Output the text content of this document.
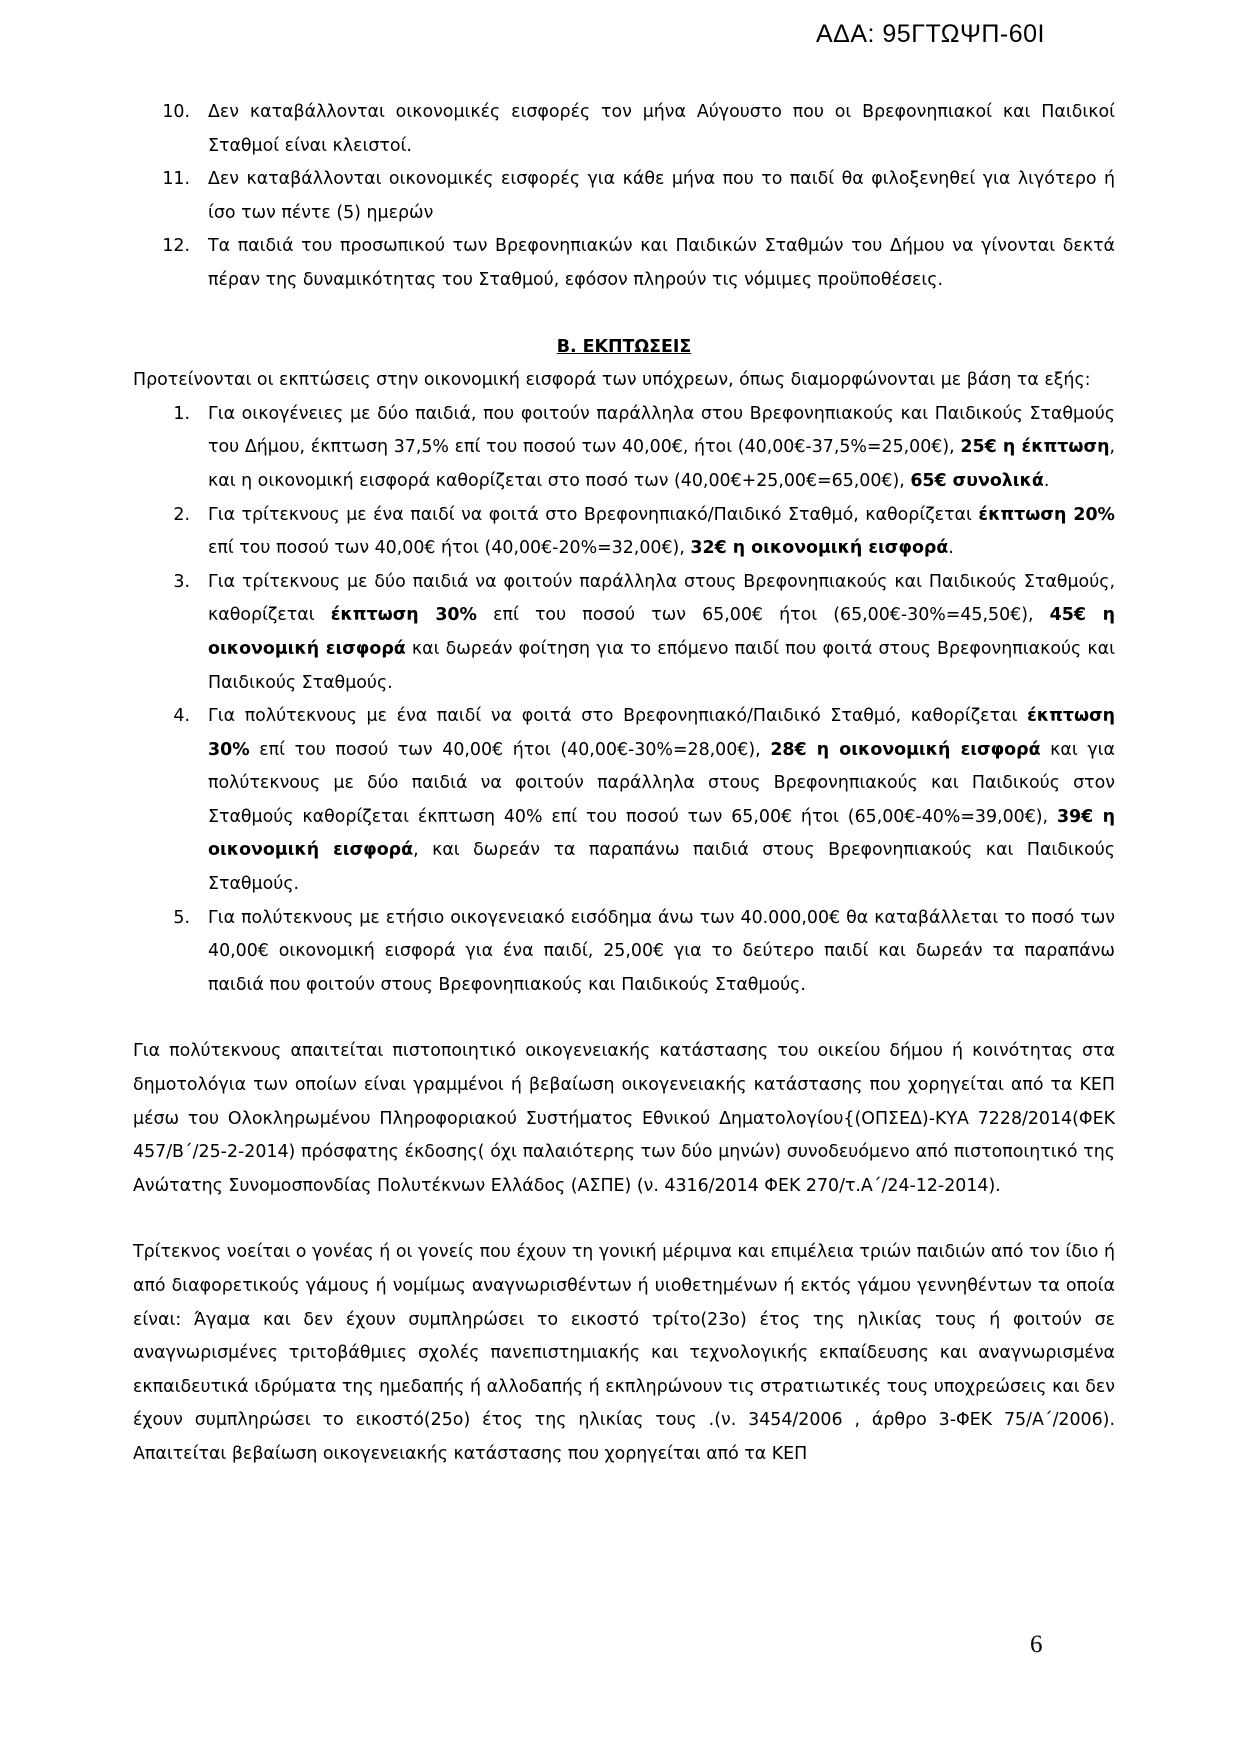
ΑΔΑ: 95ΓΤΩΨΠ-60Ι
10.	Δεν καταβάλλονται οικονομικές εισφορές τον μήνα Αύγουστο που οι Βρεφονηπιακοί και Παιδικοί Σταθμοί είναι κλειστοί.
11.	Δεν καταβάλλονται οικονομικές εισφορές για κάθε μήνα που το παιδί θα φιλοξενηθεί για λιγότερο ή ίσο των πέντε (5) ημερών
12.	Τα παιδιά του προσωπικού των Βρεφονηπιακών και Παιδικών Σταθμών του Δήμου να γίνονται δεκτά πέραν της δυναμικότητας του Σταθμού, εφόσον πληρούν τις νόμιμες προϋποθέσεις.
Β. ΕΚΠΤΩΣΕΙΣ

Προτείνονται οι εκπτώσεις στην οικονομική εισφορά των υπόχρεων, όπως διαμορφώνονται με βάση τα εξής:

1.	Για οικογένειες με δύο παιδιά, που φοιτούν παράλληλα στου Βρεφονηπιακούς και Παιδικούς Σταθμούς του Δήμου, έκπτωση 37,5% επί του ποσού των 40,00€, ήτοι (40,00€-37,5%=25,00€), 25€ η έκπτωση, και η οικονομική εισφορά καθορίζεται στο ποσό των (40,00€+25,00€=65,00€), 65€ συνολικά.
2.	Για τρίτεκνους με ένα παιδί να φοιτά στο Βρεφονηπιακό/Παιδικό Σταθμό, καθορίζεται έκπτωση 20% επί του ποσού των 40,00€ ήτοι (40,00€-20%=32,00€), 32€ η οικονομική εισφορά.
3.	Για τρίτεκνους με δύο παιδιά να φοιτούν παράλληλα στους Βρεφονηπιακούς και Παιδικούς Σταθμούς, καθορίζεται έκπτωση 30% επί του ποσού των 65,00€ ήτοι (65,00€-30%=45,50€), 45€ η οικονομική εισφορά και δωρεάν φοίτηση για το επόμενο παιδί που φοιτά στους Βρεφονηπιακούς και Παιδικούς Σταθμούς.
4.	Για πολύτεκνους με ένα παιδί να φοιτά στο Βρεφονηπιακό/Παιδικό Σταθμό, καθορίζεται έκπτωση 30% επί του ποσού των 40,00€ ήτοι (40,00€-30%=28,00€), 28€ η οικονομική εισφορά και για πολύτεκνους με δύο παιδιά να φοιτούν παράλληλα στους Βρεφονηπιακούς και Παιδικούς στον Σταθμούς καθορίζεται έκπτωση 40% επί του ποσού των 65,00€ ήτοι (65,00€-40%=39,00€), 39€ η οικονομική εισφορά, και δωρεάν τα παραπάνω παιδιά στους Βρεφονηπιακούς και Παιδικούς Σταθμούς.
5.	Για πολύτεκνους με ετήσιο οικογενειακό εισόδημα άνω των 40.000,00€ θα καταβάλλεται το ποσό των 40,00€ οικονομική εισφορά για ένα παιδί, 25,00€ για το δεύτερο παιδί και δωρεάν τα παραπάνω παιδιά που φοιτούν στους Βρεφονηπιακούς και Παιδικούς Σταθμούς.

Για πολύτεκνους απαιτείται πιστοποιητικό οικογενειακής κατάστασης του οικείου δήμου ή κοινότητας στα δημοτολόγια των οποίων είναι γραμμένοι ή βεβαίωση οικογενειακής κατάστασης που χορηγείται από τα ΚΕΠ μέσω του Ολοκληρωμένου Πληροφοριακού Συστήματος Εθνικού Δηματολογίου{(ΟΠΣΕΔ)-ΚΥΑ 7228/2014(ΦΕΚ 457/Β΄/25-2-2014) πρόσφατης έκδοσης( όχι παλαιότερης των δύο μηνών) συνοδευόμενο από πιστοποιητικό της Ανώτατης Συνομοσπονδίας Πολυτέκνων Ελλάδος (ΑΣΠΕ) (ν. 4316/2014 ΦΕΚ 270/τ.Α΄/24-12-2014).

Τρίτεκνος νοείται ο γονέας ή οι γονείς που έχουν τη γονική μέριμνα και επιμέλεια τριών παιδιών από τον ίδιο ή από διαφορετικούς γάμους ή νομίμως αναγνωρισθέντων ή υιοθετημένων ή εκτός γάμου γεννηθέντων τα οποία είναι: Άγαμα και δεν έχουν συμπληρώσει το εικοστό τρίτο(23ο) έτος της ηλικίας τους ή φοιτούν σε αναγνωρισμένες τριτοβάθμιες σχολές πανεπιστημιακής και τεχνολογικής εκπαίδευσης και αναγνωρισμένα εκπαιδευτικά ιδρύματα της ημεδαπής ή αλλοδαπής ή εκπληρώνουν τις στρατιωτικές τους υποχρεώσεις και δεν έχουν συμπληρώσει το εικοστό(25ο) έτος της ηλικίας τους .(ν. 3454/2006 , άρθρο 3-ΦΕΚ 75/Α΄/2006). Απαιτείται βεβαίωση οικογενειακής κατάστασης που χορηγείται από τα ΚΕΠ

6
